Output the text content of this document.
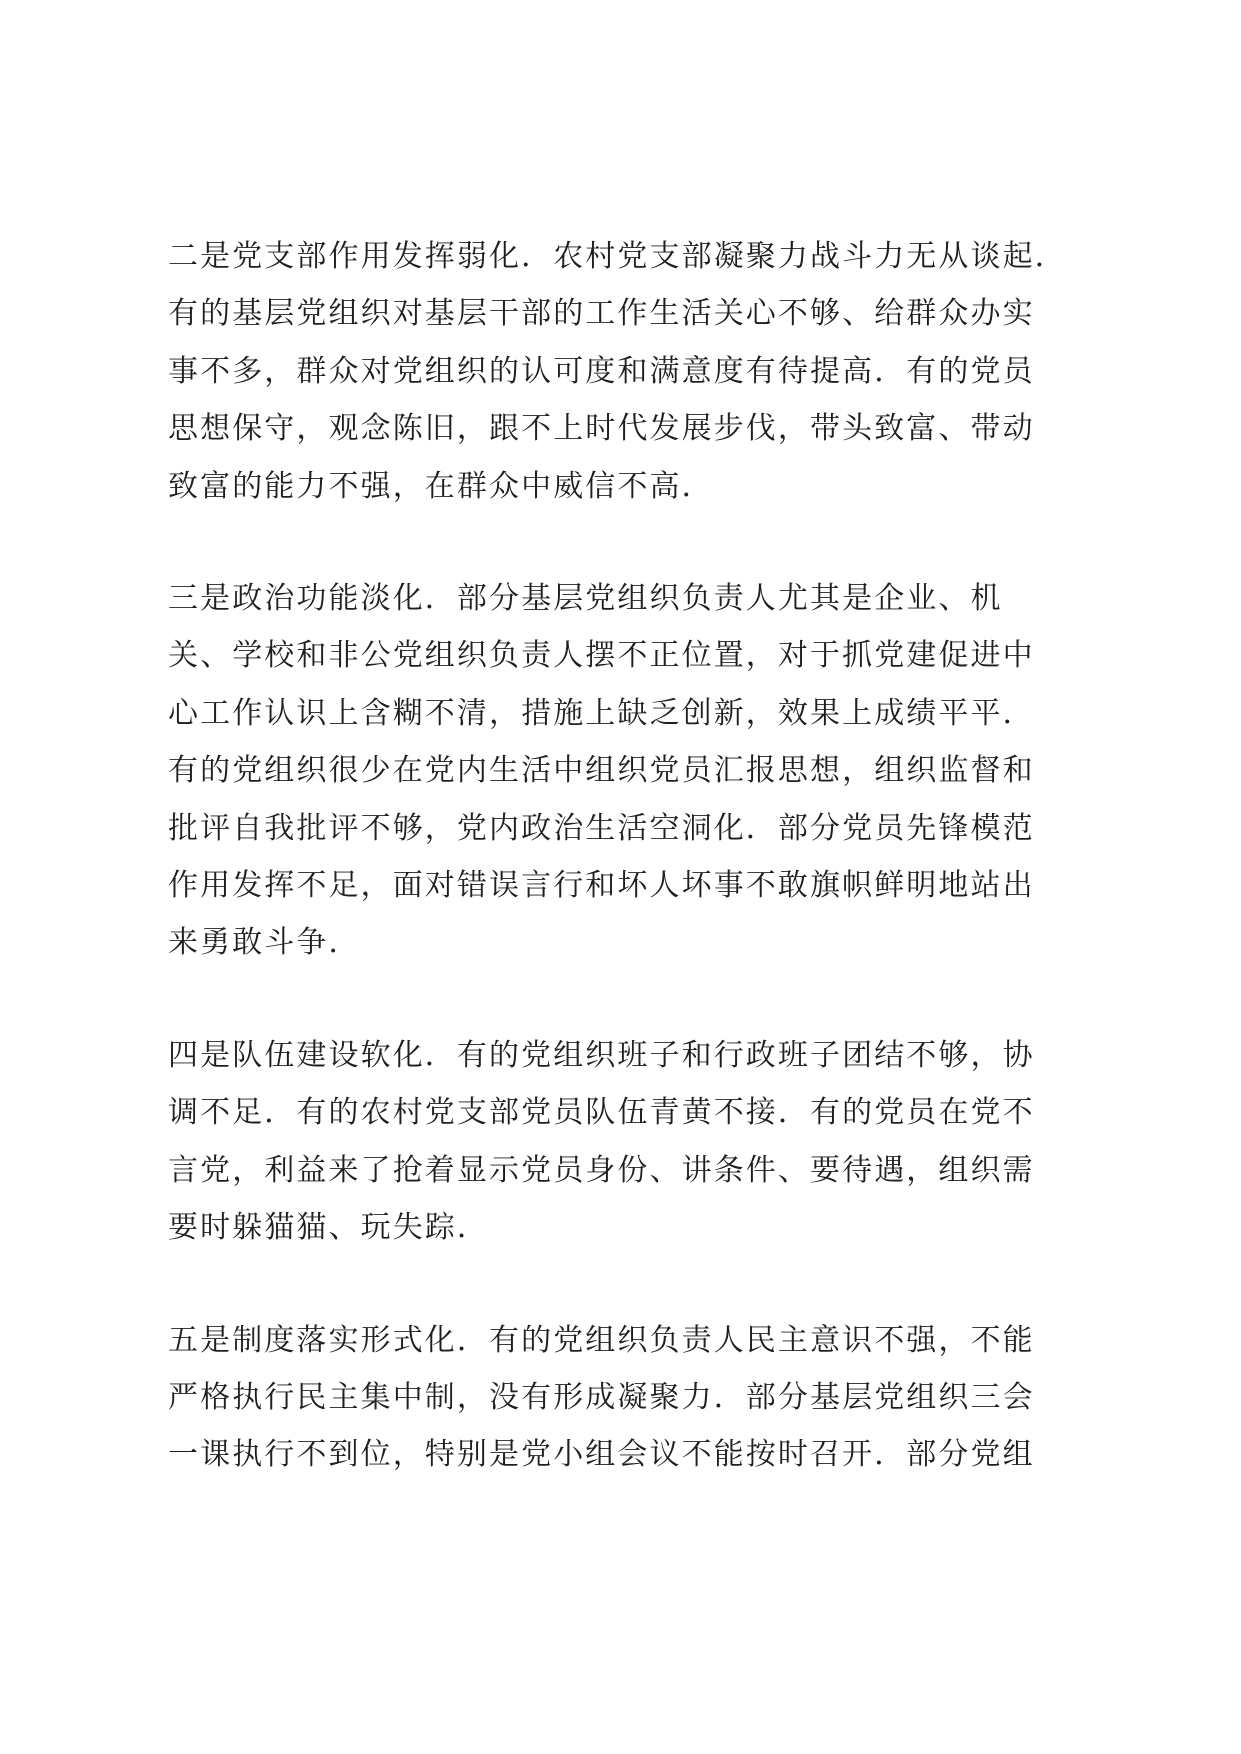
二是党支部作用发挥弱化．农村党支部凝聚力战斗力无从谈起．
有的基层党组织对基层干部的工作生活关心不够、给群众办实
事不多，群众对党组织的认可度和满意度有待提高．有的党员
思想保守，观念陈旧，跟不上时代发展步伐，带头致富、带动
致富的能力不强，在群众中威信不高．

三是政治功能淡化．部分基层党组织负责人尤其是企业、机
关、学校和非公党组织负责人摆不正位置，对于抓党建促进中
心工作认识上含糊不清，措施上缺乏创新，效果上成绩平平．
有的党组织很少在党内生活中组织党员汇报思想，组织监督和
批评自我批评不够，党内政治生活空洞化．部分党员先锋模范
作用发挥不足，面对错误言行和坏人坏事不敢旗帜鲜明地站出
来勇敢斗争．

四是队伍建设软化．有的党组织班子和行政班子团结不够，协
调不足．有的农村党支部党员队伍青黄不接．有的党员在党不
言党，利益来了抢着显示党员身份、讲条件、要待遇，组织需
要时躲猫猫、玩失踪．

五是制度落实形式化．有的党组织负责人民主意识不强，不能
严格执行民主集中制，没有形成凝聚力．部分基层党组织三会
一课执行不到位，特别是党小组会议不能按时召开．部分党组
